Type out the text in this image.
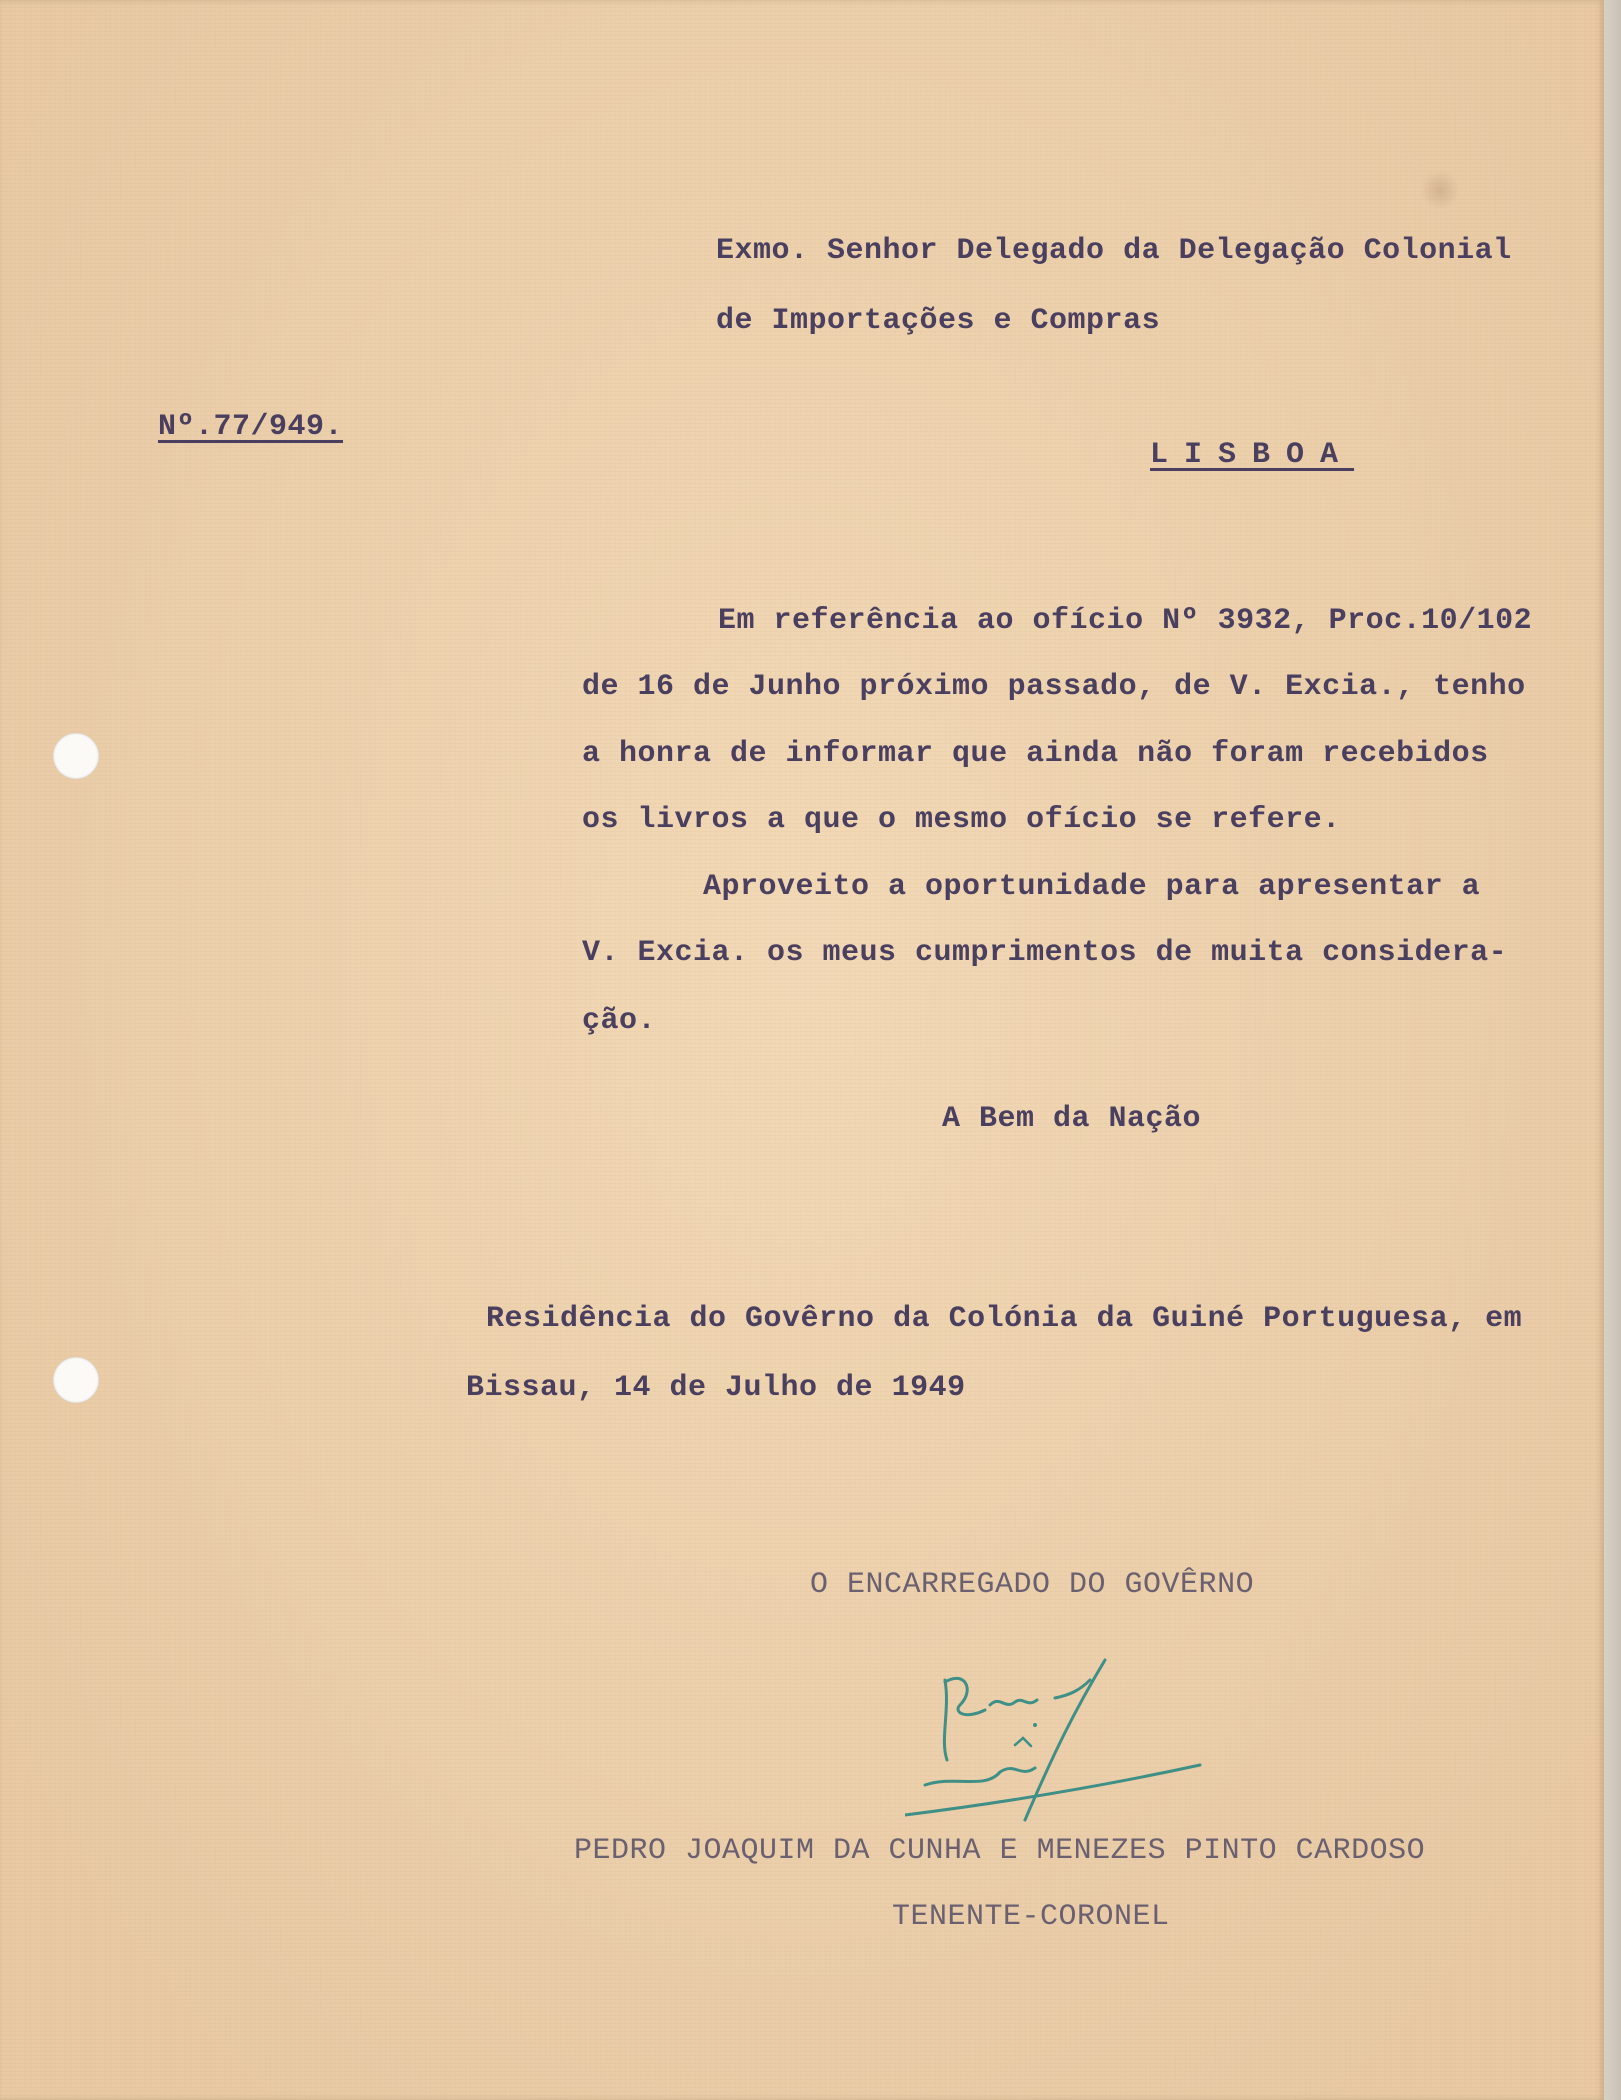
Exmo. Senhor Delegado da Delegação Colonial
de Importações e Compras
Nº.77/949.
LISBOA
Em referência ao ofício Nº 3932, Proc.10/102
de 16 de Junho próximo passado, de V. Excia., tenho
a honra de informar que ainda não foram recebidos
os livros a que o mesmo ofício se refere.
Aproveito a oportunidade para apresentar a
V. Excia. os meus cumprimentos de muita considera-
ção.
A Bem da Nação
Residência do Govêrno da Colónia da Guiné Portuguesa, em
Bissau, 14 de Julho de 1949
O ENCARREGADO DO GOVÊRNO
PEDRO JOAQUIM DA CUNHA E MENEZES PINTO CARDOSO
TENENTE-CORONEL
